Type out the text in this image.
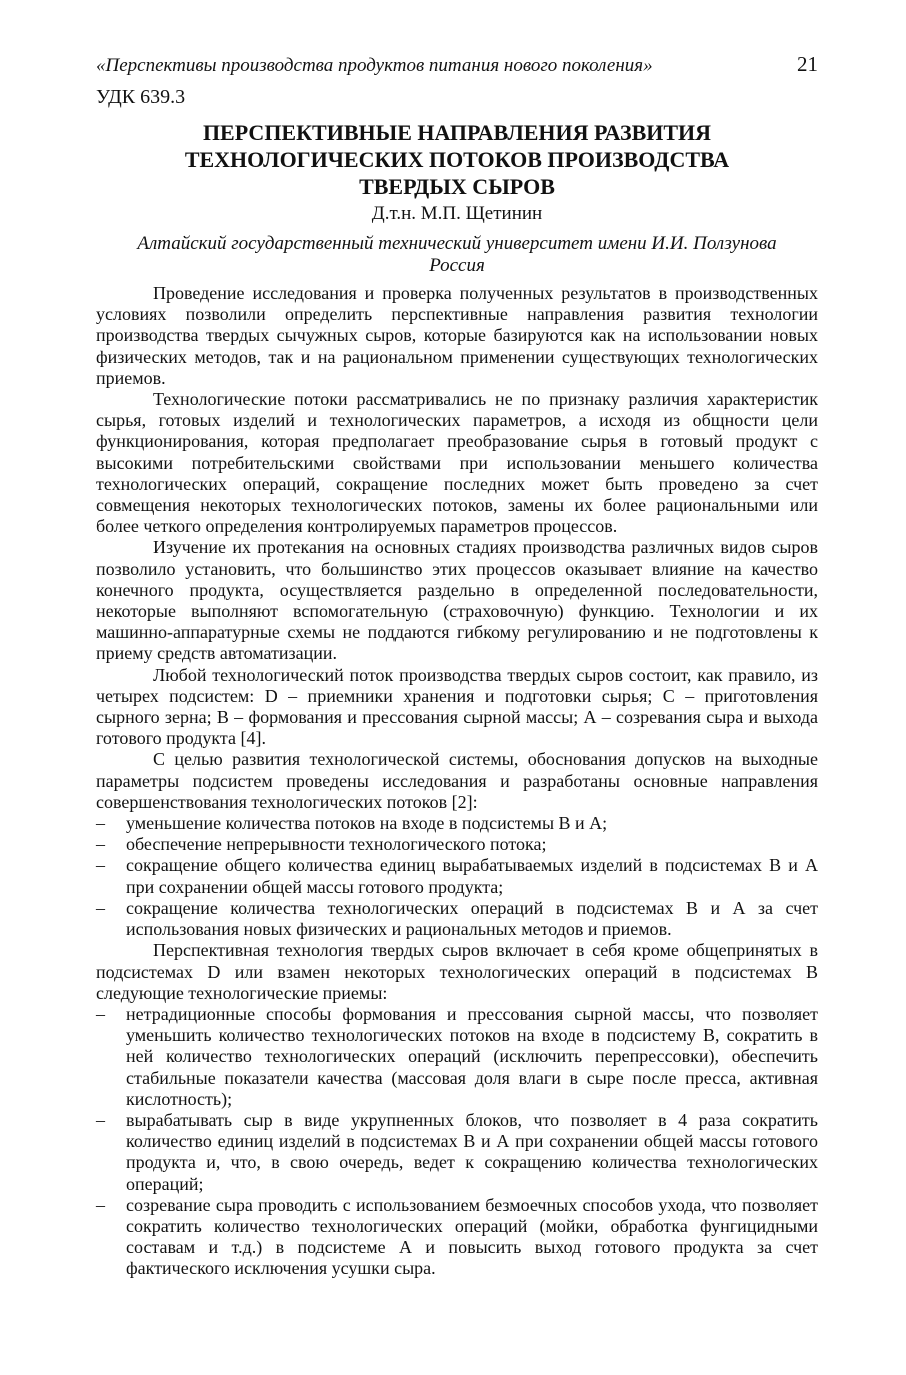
«Перспективы производства продуктов питания нового поколения»	21
УДК 639.3
ПЕРСПЕКТИВНЫЕ НАПРАВЛЕНИЯ РАЗВИТИЯ
ТЕХНОЛОГИЧЕСКИХ ПОТОКОВ ПРОИЗВОДСТВА
ТВЕРДЫХ СЫРОВ
Д.т.н. М.П. Щетинин
Алтайский государственный технический университет имени И.И. Ползунова
Россия

Проведение исследования и проверка полученных результатов в производственных условиях позволили определить перспективные направления развития технологии производства твердых сычужных сыров, которые базируются как на использовании новых физических методов, так и на рациональном применении существующих технологических приемов.

Технологические потоки рассматривались не по признаку различия характеристик сырья, готовых изделий и технологических параметров, а исходя из общности цели функционирования, которая предполагает преобразование сырья в готовый продукт с высокими потребительскими свойствами при использовании меньшего количества технологических операций, сокращение последних может быть проведено за счет совмещения некоторых технологических потоков, замены их более рациональными или более четкого определения контролируемых параметров процессов.

Изучение их протекания на основных стадиях производства различных видов сыров позволило установить, что большинство этих процессов оказывает влияние на качество конечного продукта, осуществляется раздельно в определенной последовательности, некоторые выполняют вспомогательную (страховочную) функцию. Технологии и их машинно-аппаратурные схемы не поддаются гибкому регулированию и не подготовлены к приему средств автоматизации.

Любой технологический поток производства твердых сыров состоит, как правило, из четырех подсистем: D – приемники хранения и подготовки сырья; С – приготовления сырного зерна; В – формования и прессования сырной массы; А – созревания сыра и выхода готового продукта [4].

С целью развития технологической системы, обоснования допусков на выходные параметры подсистем проведены исследования и разработаны основные направления совершенствования технологических потоков [2]:

– уменьшение количества потоков на входе в подсистемы В и А;
– обеспечение непрерывности технологического потока;
– сокращение общего количества единиц вырабатываемых изделий в подсистемах В и А при сохранении общей массы готового продукта;
– сокращение количества технологических операций в подсистемах В и А за счет использования новых физических и рациональных методов и приемов.

Перспективная технология твердых сыров включает в себя кроме общепринятых в подсистемах D или взамен некоторых технологических операций в подсистемах В следующие технологические приемы:

– нетрадиционные способы формования и прессования сырной массы, что позволяет уменьшить количество технологических потоков на входе в подсистему В, сократить в ней количество технологических операций (исключить перепрессовки), обеспечить стабильные показатели качества (массовая доля влаги в сыре после пресса, активная кислотность);
– вырабатывать сыр в виде укрупненных блоков, что позволяет в 4 раза сократить количество единиц изделий в подсистемах В и А при сохранении общей массы готового продукта и, что, в свою очередь, ведет к сокращению количества технологических операций;
– созревание сыра проводить с использованием безмоечных способов ухода, что позволяет сократить количество технологических операций (мойки, обработка фунгицидными составам и т.д.) в подсистеме А и повысить выход готового продукта за счет фактического исключения усушки сыра.
